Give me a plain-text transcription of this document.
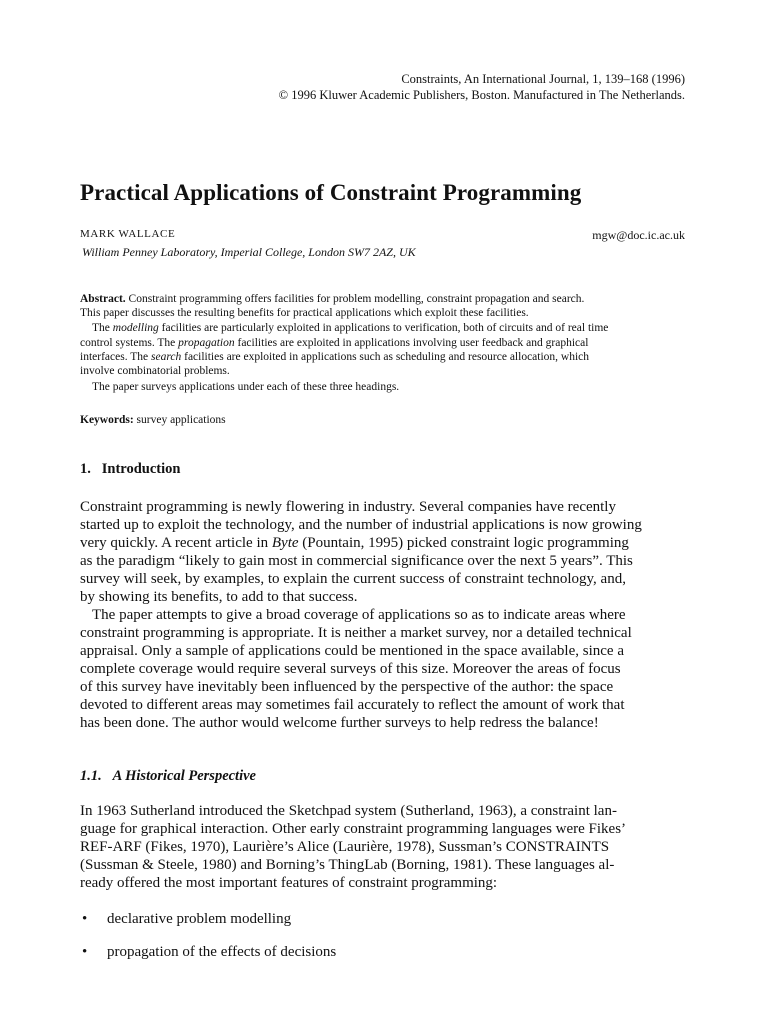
Constraints, An International Journal, 1, 139–168 (1996)
© 1996 Kluwer Academic Publishers, Boston. Manufactured in The Netherlands.
Practical Applications of Constraint Programming
MARK WALLACE	mgw@doc.ic.ac.uk
William Penney Laboratory, Imperial College, London SW7 2AZ, UK
Abstract. Constraint programming offers facilities for problem modelling, constraint propagation and search.
This paper discusses the resulting benefits for practical applications which exploit these facilities.
The modelling facilities are particularly exploited in applications to verification, both of circuits and of real time
control systems. The propagation facilities are exploited in applications involving user feedback and graphical
interfaces. The search facilities are exploited in applications such as scheduling and resource allocation, which
involve combinatorial problems.
The paper surveys applications under each of these three headings.
Keywords: survey applications
1. Introduction
Constraint programming is newly flowering in industry. Several companies have recently
started up to exploit the technology, and the number of industrial applications is now growing
very quickly. A recent article in Byte (Pountain, 1995) picked constraint logic programming
as the paradigm “likely to gain most in commercial significance over the next 5 years”. This
survey will seek, by examples, to explain the current success of constraint technology, and,
by showing its benefits, to add to that success.
The paper attempts to give a broad coverage of applications so as to indicate areas where
constraint programming is appropriate. It is neither a market survey, nor a detailed technical
appraisal. Only a sample of applications could be mentioned in the space available, since a
complete coverage would require several surveys of this size. Moreover the areas of focus
of this survey have inevitably been influenced by the perspective of the author: the space
devoted to different areas may sometimes fail accurately to reflect the amount of work that
has been done. The author would welcome further surveys to help redress the balance!
1.1. A Historical Perspective
In 1963 Sutherland introduced the Sketchpad system (Sutherland, 1963), a constraint lan-
guage for graphical interaction. Other early constraint programming languages were Fikes’
REF-ARF (Fikes, 1970), Laurière’s Alice (Laurière, 1978), Sussman’s CONSTRAINTS
(Sussman & Steele, 1980) and Borning’s ThingLab (Borning, 1981). These languages al-
ready offered the most important features of constraint programming:
• declarative problem modelling
• propagation of the effects of decisions
